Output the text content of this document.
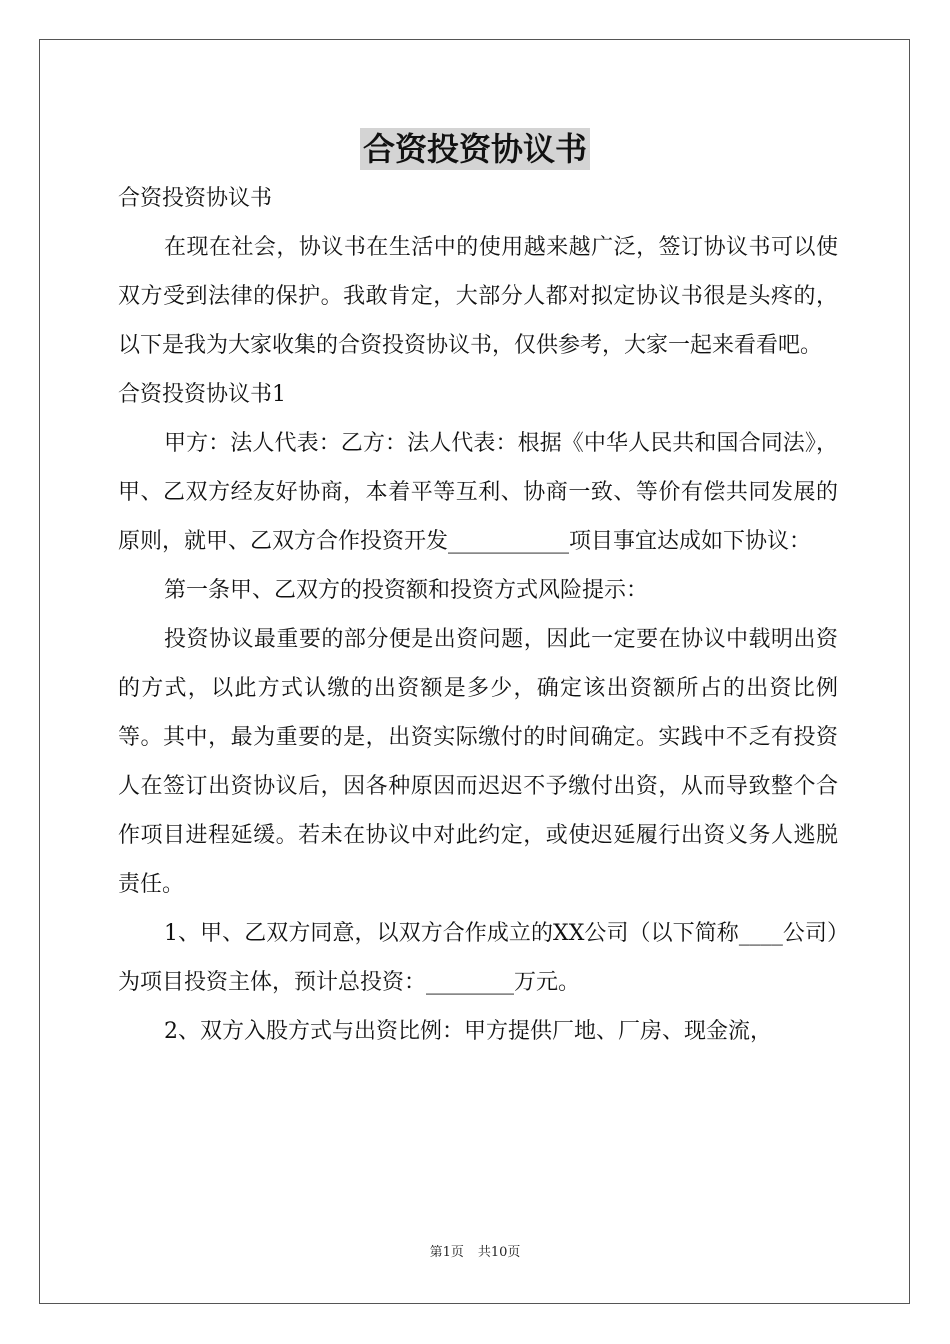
合资投资协议书

合资投资协议书

在现在社会，协议书在生活中的使用越来越广泛，签订协议书可以使双方受到法律的保护。我敢肯定，大部分人都对拟定协议书很是头疼的，以下是我为大家收集的合资投资协议书，仅供参考，大家一起来看看吧。

合资投资协议书1

甲方：法人代表：乙方：法人代表：根据《中华人民共和国合同法》，甲、乙双方经友好协商，本着平等互利、协商一致、等价有偿共同发展的原则，就甲、乙双方合作投资开发___________项目事宜达成如下协议：

第一条甲、乙双方的投资额和投资方式风险提示：

投资协议最重要的部分便是出资问题，因此一定要在协议中载明出资的方式，以此方式认缴的出资额是多少，确定该出资额所占的出资比例等。其中，最为重要的是，出资实际缴付的时间确定。实践中不乏有投资人在签订出资协议后，因各种原因而迟迟不予缴付出资，从而导致整个合作项目进程延缓。若未在协议中对此约定，或使迟延履行出资义务人逃脱责任。

1、甲、乙双方同意，以双方合作成立的XX公司（以下简称____公司）为项目投资主体，预计总投资：________万元。

2、双方入股方式与出资比例：甲方提供厂地、厂房、现金流，

第1页 共10页
